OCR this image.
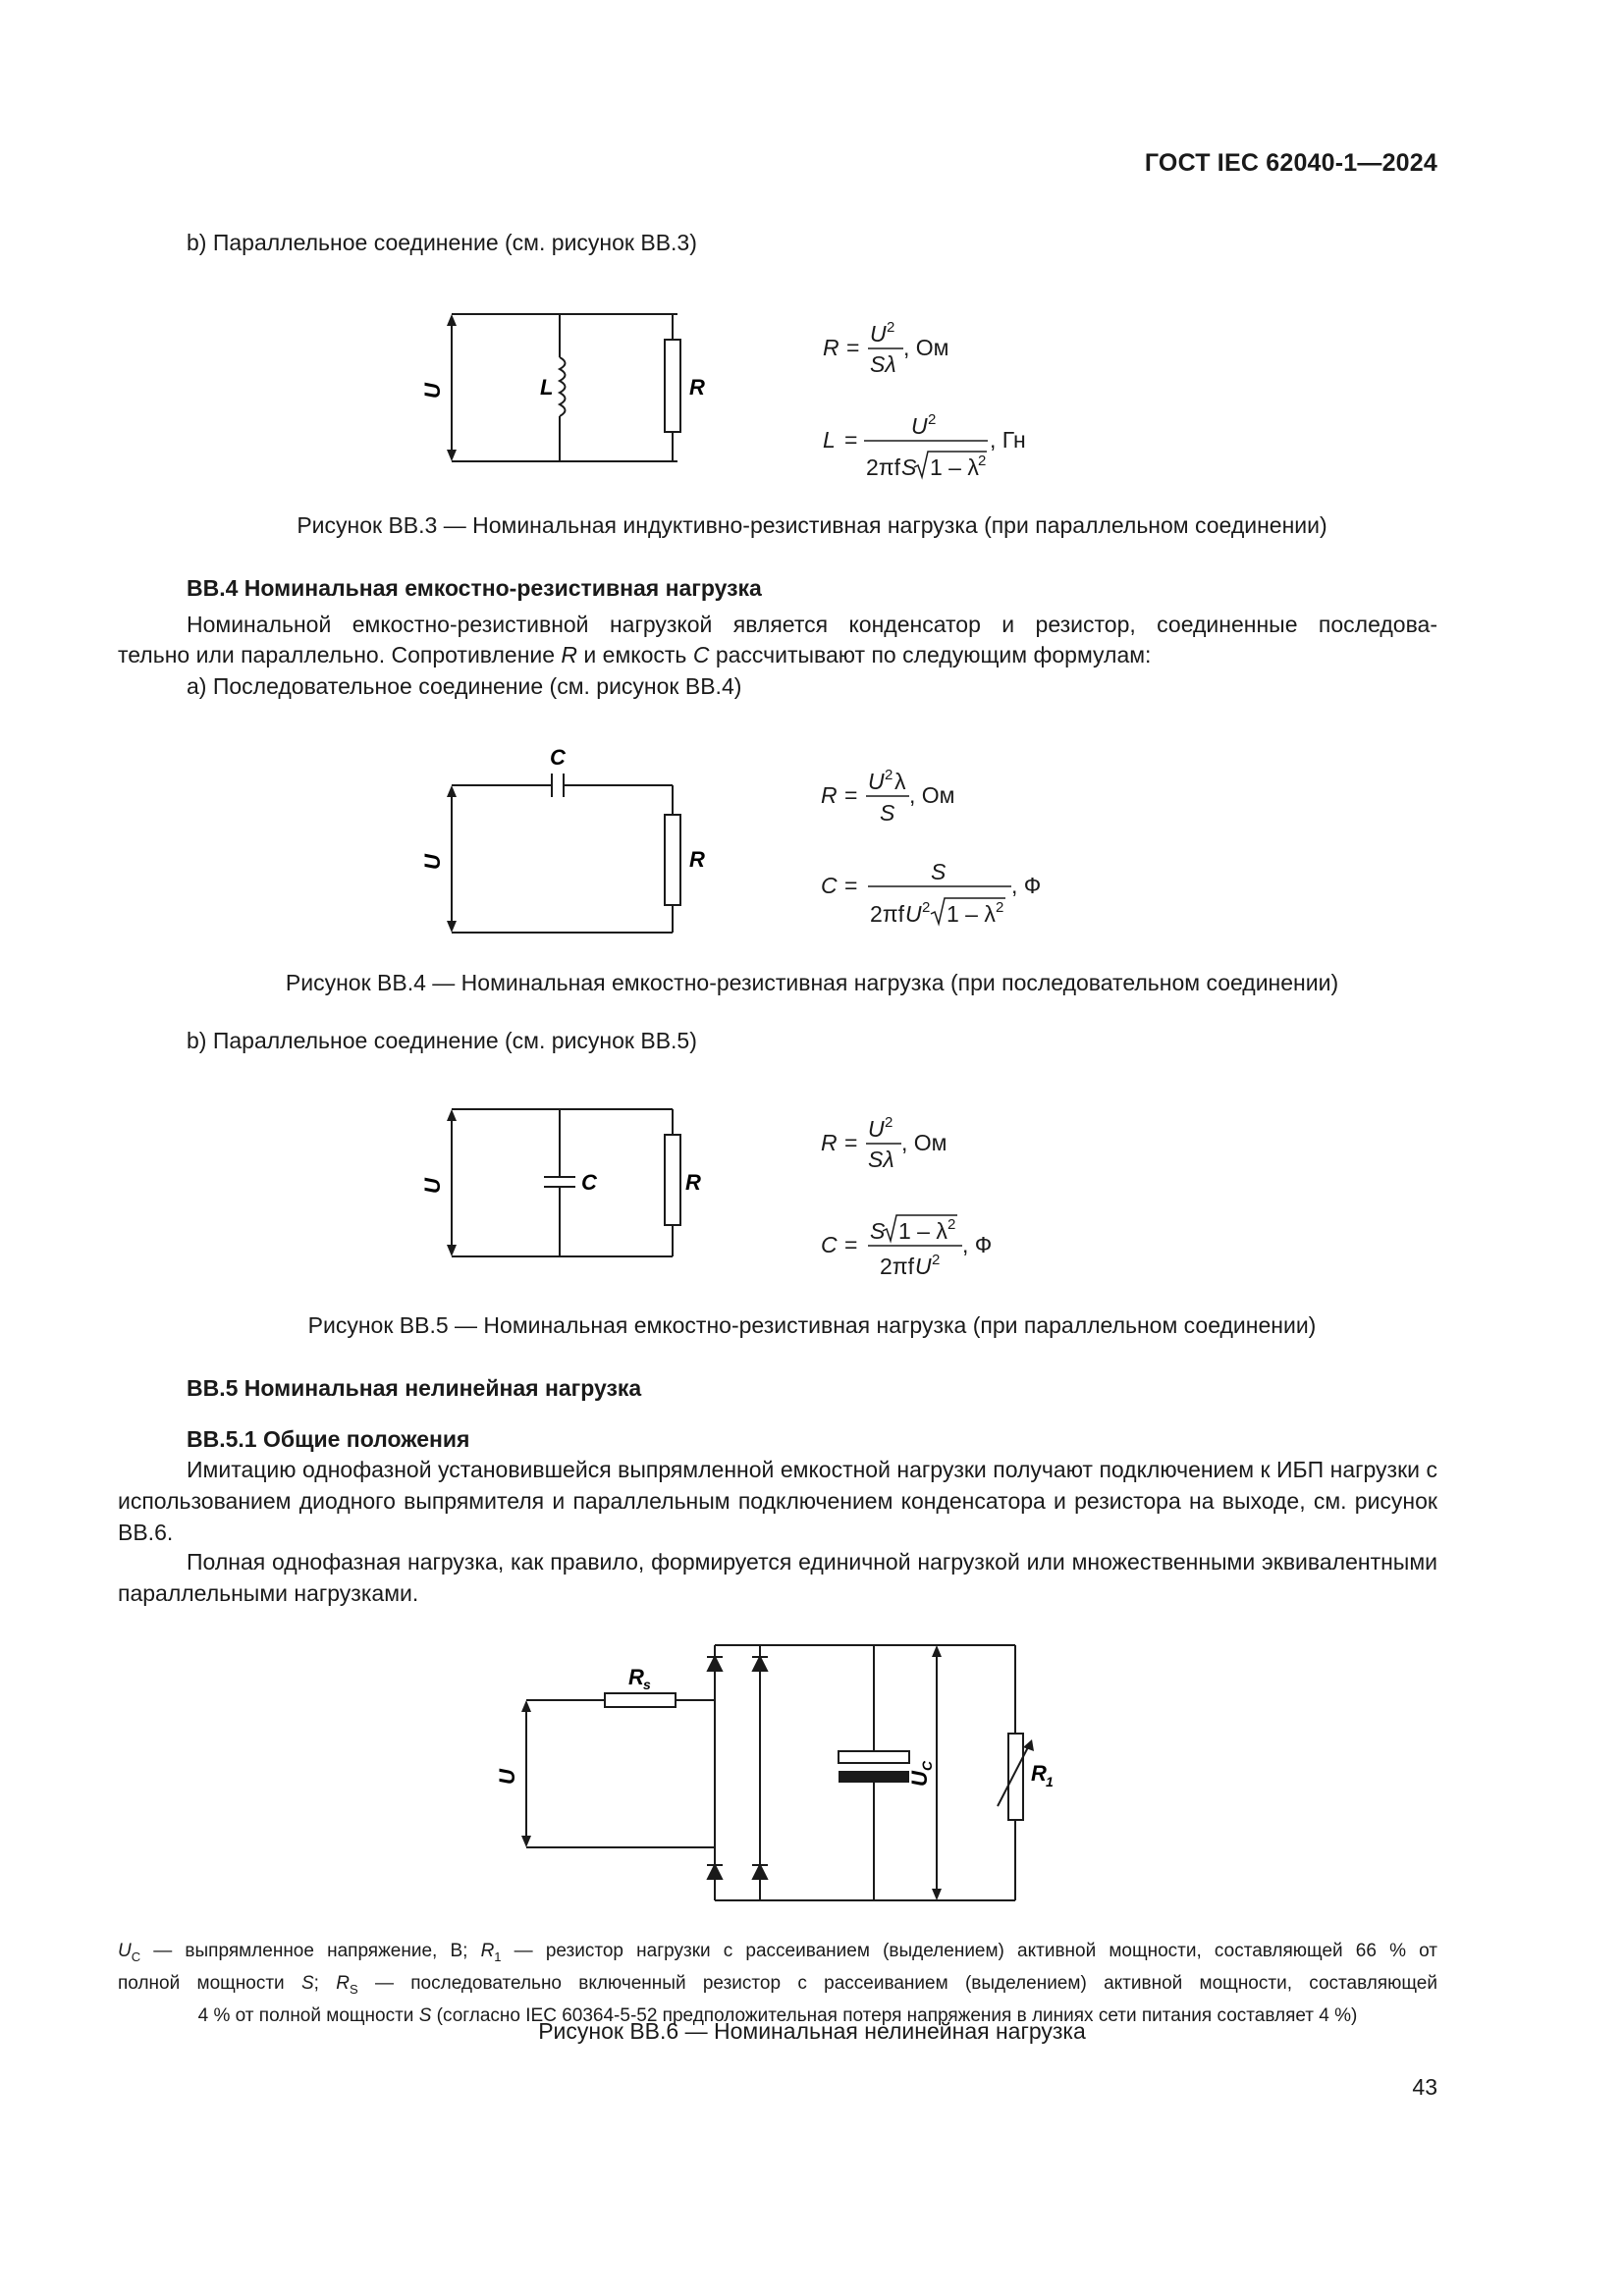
ГОСТ IEC 62040-1—2024
b) Параллельное соединение (см. рисунок ВВ.3)
U	L	R
R =
U 2
Sλ
, Ом
L =
U 2
2πf S 1 – λ 2
, Гн
Рисунок ВВ.3 — Номинальная индуктивно-резистивная нагрузка (при параллельном соединении)
ВВ.4 Номинальная емкостно-резистивная нагрузка
Номинальной емкостно-резистивной нагрузкой является конденсатор и резистор, соединенные последова-
тельно или параллельно. Сопротивление R и емкость C рассчитывают по следующим формулам:
a) Последовательное соединение (см. рисунок ВВ.4)
U
C
R
R =
U 2 λ
S
, Ом
C =
S
2πf U 2 1 – λ 2
, Ф
Рисунок ВВ.4 — Номинальная емкостно-резистивная нагрузка (при последовательном соединении)
b) Параллельное соединение (см. рисунок ВВ.5)
U	C	R
R =
U 2
Sλ
, Ом
C =
S 1 – λ 2
2πf U 2
, Ф
Рисунок ВВ.5 — Номинальная емкостно-резистивная нагрузка (при параллельном соединении)
ВВ.5 Номинальная нелинейная нагрузка
ВВ.5.1 Общие положения
Имитацию однофазной установившейся выпрямленной емкостной нагрузки получают подключением к ИБП нагрузки с использованием диодного выпрямителя и параллельным подключением конденсатора и резистора на выходе, см. рисунок ВВ.6.
Полная однофазная нагрузка, как правило, формируется единичной нагрузкой или множественными эквивалентными параллельными нагрузками.
U
R s
U
C	R 1
$U_C$ — выпрямленное напряжение, В; $R_1$ — резистор нагрузки с рассеиванием (выделением) активной мощности, составляющей 66 % от
полной мощности S; $R_S$ — последовательно включенный резистор с рассеиванием (выделением) активной мощности, составляющей
4 % от полной мощности S (согласно IEC 60364-5-52 предположительная потеря напряжения в линиях сети питания составляет 4 %)
Рисунок ВВ.6 — Номинальная нелинейная нагрузка
43
